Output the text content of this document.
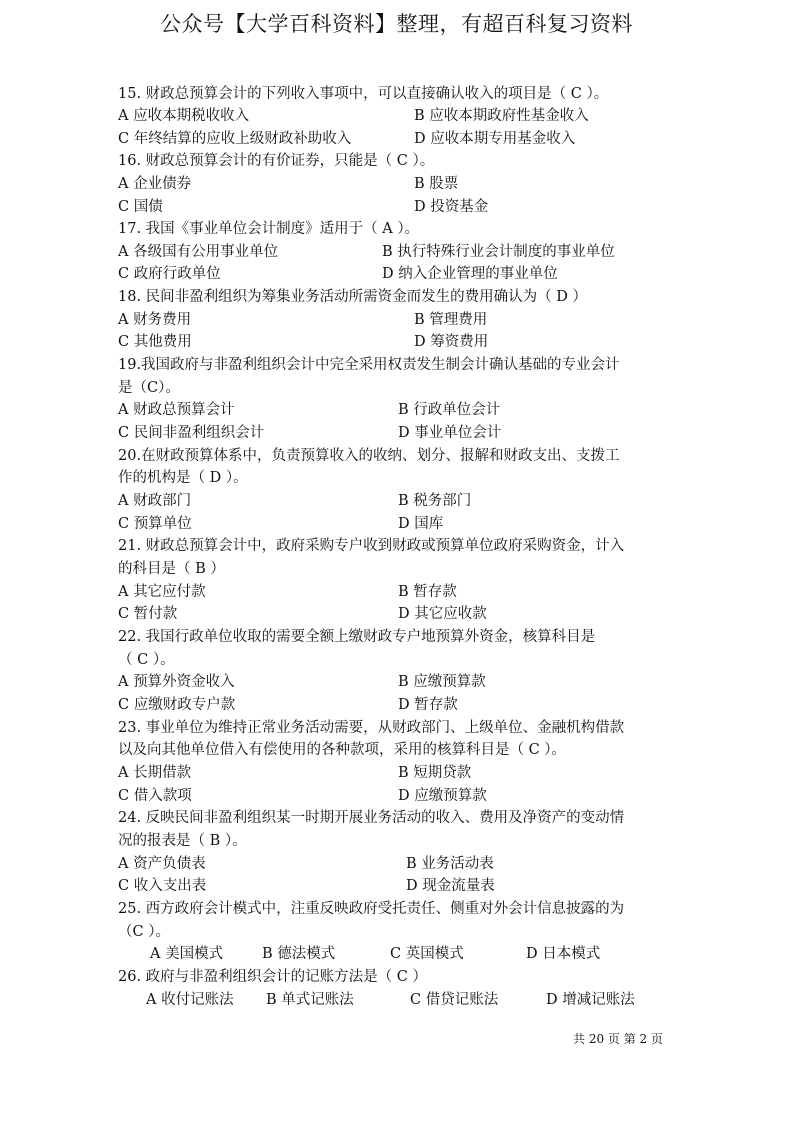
公众号【大学百科资料】整理，有超百科复习资料
15. 财政总预算会计的下列收入事项中，可以直接确认收入的项目是（ C ）。
A 应收本期税收收入	B 应收本期政府性基金收入
C 年终结算的应收上级财政补助收入	D 应收本期专用基金收入
16. 财政总预算会计的有价证券，只能是（ C ）。
A 企业债券	B 股票
C 国债	D 投资基金
17. 我国《事业单位会计制度》适用于（ A ）。
A 各级国有公用事业单位	B 执行特殊行业会计制度的事业单位
C 政府行政单位	D 纳入企业管理的事业单位
18. 民间非盈利组织为筹集业务活动所需资金而发生的费用确认为（ D ）
A 财务费用	B 管理费用
C 其他费用	D 筹资费用
19.我国政府与非盈利组织会计中完全采用权责发生制会计确认基础的专业会计
是（C）。
A 财政总预算会计	B 行政单位会计
C 民间非盈利组织会计	D 事业单位会计
20.在财政预算体系中，负责预算收入的收纳、划分、报解和财政支出、支拨工
作的机构是（ D ）。
A 财政部门	B 税务部门
C 预算单位	D 国库
21. 财政总预算会计中，政府采购专户收到财政或预算单位政府采购资金，计入
的科目是（ B ）
A 其它应付款	B 暂存款
C 暂付款	D 其它应收款
22. 我国行政单位收取的需要全额上缴财政专户地预算外资金，核算科目是
（ C ）。
A 预算外资金收入	B 应缴预算款
C 应缴财政专户款	D 暂存款
23. 事业单位为维持正常业务活动需要，从财政部门、上级单位、金融机构借款
以及向其他单位借入有偿使用的各种款项，采用的核算科目是（ C ）。
A 长期借款	B 短期贷款
C 借入款项	D 应缴预算款
24. 反映民间非盈利组织某一时期开展业务活动的收入、费用及净资产的变动情
况的报表是（ B ）。
A 资产负债表	B 业务活动表
C 收入支出表	D 现金流量表
25. 西方政府会计模式中，注重反映政府受托责任、侧重对外会计信息披露的为
（C ）。
A 美国模式	B 德法模式	C 英国模式	D 日本模式
26. 政府与非盈利组织会计的记账方法是（ C ）
A 收付记账法 B 单式记账法	C 借贷记账法	D 增减记账法
共 20 页 第 2 页
